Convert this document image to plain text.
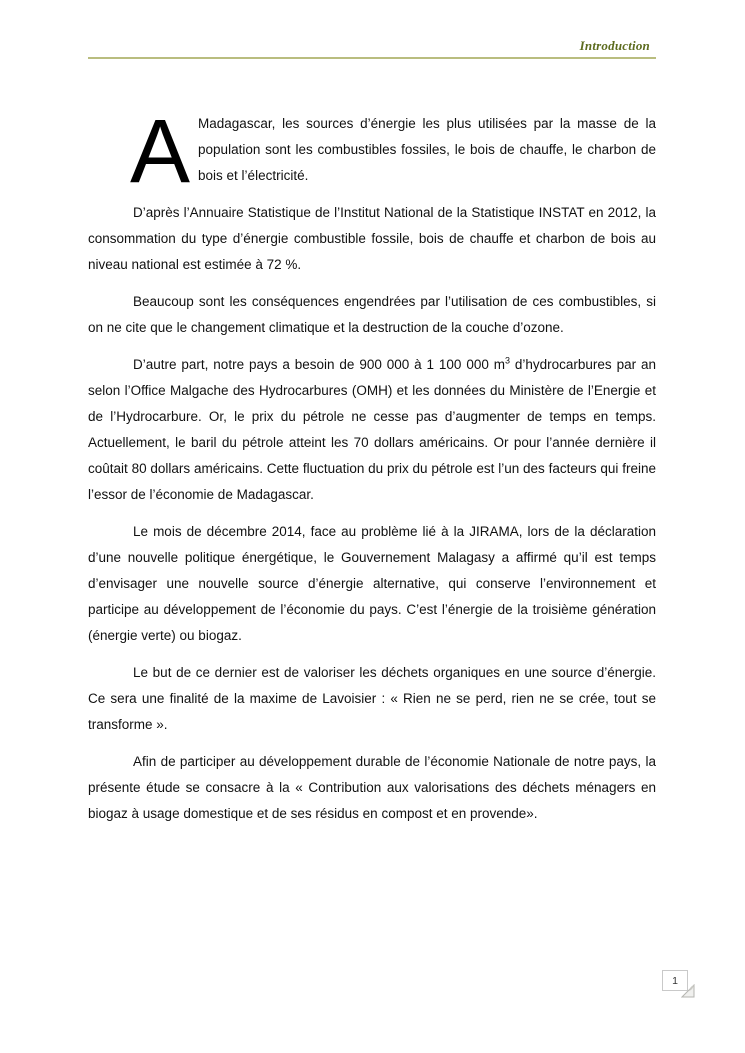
Introduction

A Madagascar, les sources d’énergie les plus utilisées par la masse de la population sont les combustibles fossiles, le bois de chauffe, le charbon de bois et l’électricité.

D’après l’Annuaire Statistique de l’Institut National de la Statistique INSTAT en 2012, la consommation du type d’énergie combustible fossile, bois de chauffe et charbon de bois au niveau national est estimée à 72 %.

Beaucoup sont les conséquences engendrées par l’utilisation de ces combustibles, si on ne cite que le changement climatique et la destruction de la couche d’ozone.

D’autre part, notre pays a besoin de 900 000 à 1 100 000 $m^3$ d’hydrocarbures par an selon l’Office Malgache des Hydrocarbures (OMH) et les données du Ministère de l’Energie et de l’Hydrocarbure. Or, le prix du pétrole ne cesse pas d’augmenter de temps en temps. Actuellement, le baril du pétrole atteint les 70 dollars américains. Or pour l’année dernière il coûtait 80 dollars américains. Cette fluctuation du prix du pétrole est l’un des facteurs qui freine l’essor de l’économie de Madagascar.

Le mois de décembre 2014, face au problème lié à la JIRAMA, lors de la déclaration d’une nouvelle politique énergétique, le Gouvernement Malagasy a affirmé qu’il est temps d’envisager une nouvelle source d’énergie alternative, qui conserve l’environnement et participe au développement de l’économie du pays. C’est l’énergie de la troisième génération (énergie verte) ou biogaz.

Le but de ce dernier est de valoriser les déchets organiques en une source d’énergie. Ce sera une finalité de la maxime de Lavoisier : « Rien ne se perd, rien ne se crée, tout se transforme ».

Afin de participer au développement durable de l’économie Nationale de notre pays, la présente étude se consacre à la « Contribution aux valorisations des déchets ménagers en biogaz à usage domestique et de ses résidus en compost et en provende».

1
